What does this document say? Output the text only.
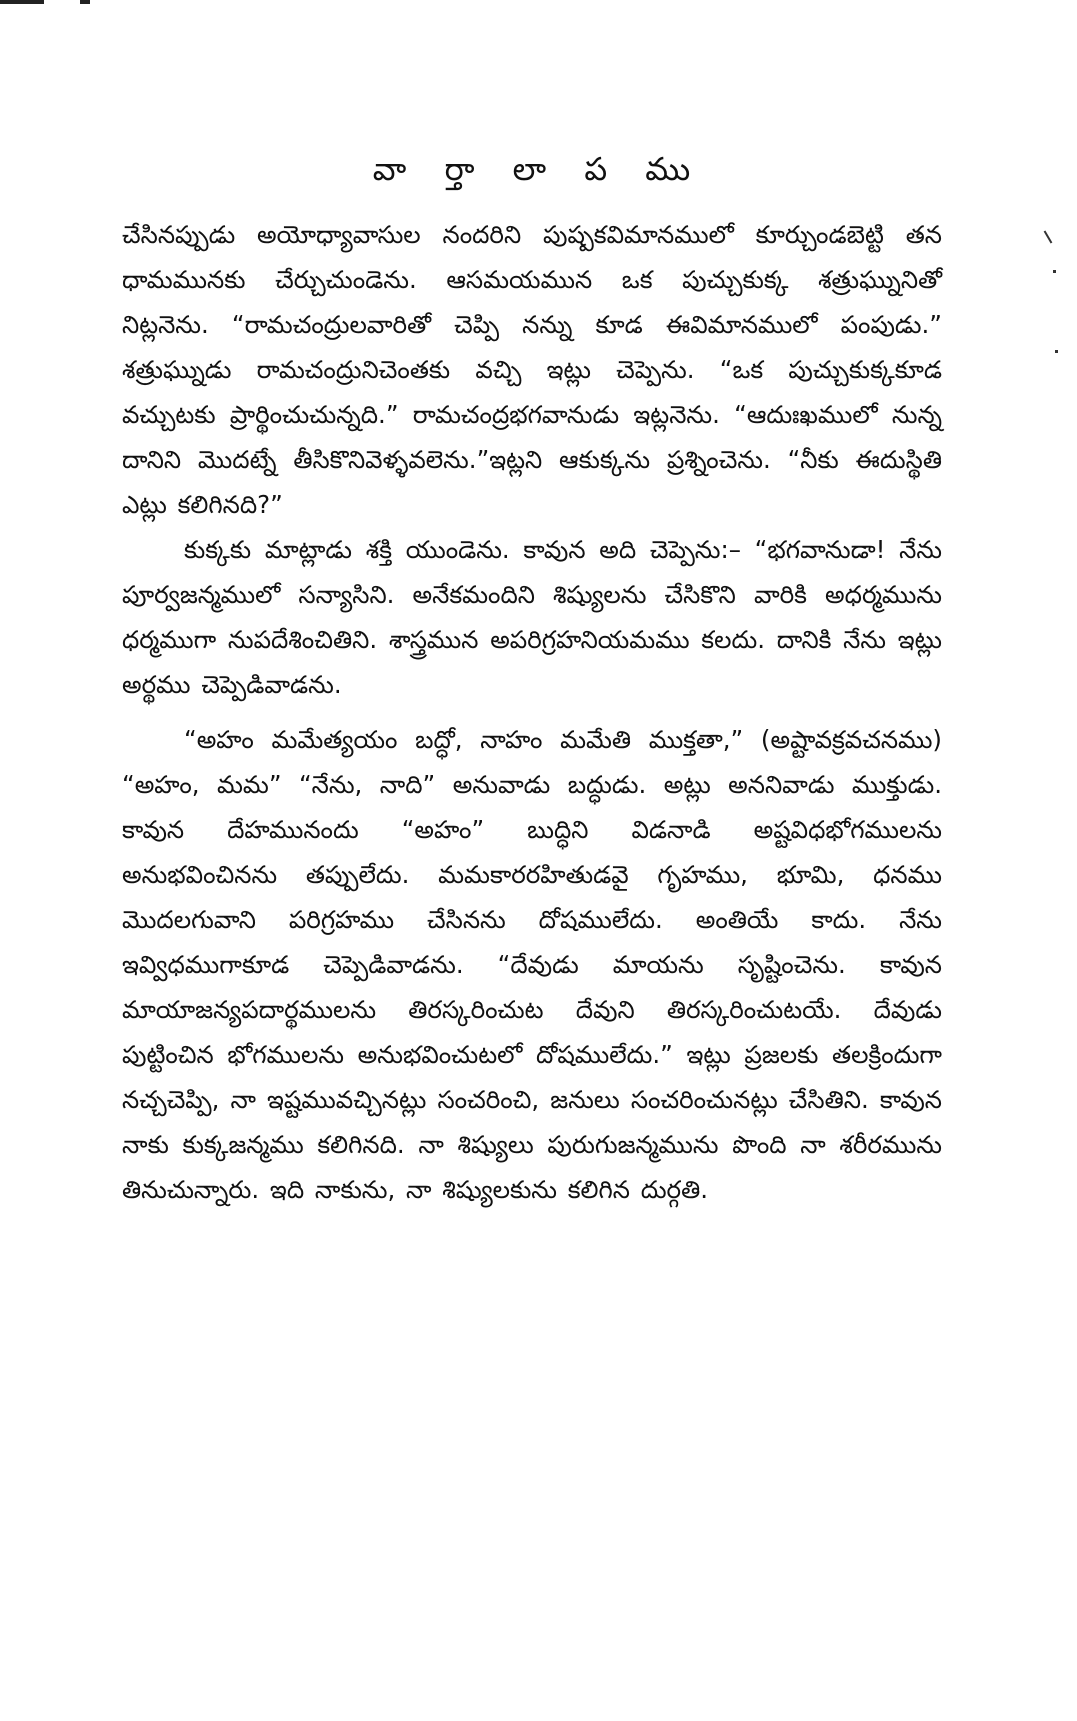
వా ర్తా లా ప ము

చేసినప్పుడు అయోధ్యావాసుల నందరిని పుష్పకవిమానములో కూర్చుండబెట్టి తన ధామమునకు చేర్చుచుండెను. ఆసమయమున ఒక పుచ్చుకుక్క శత్రుఘ్నునితో నిట్లనెను. “రామచంద్రులవారితో చెప్పి నన్ను కూడ ఈవిమానములో పంపుడు.” శత్రుఘ్నుడు రామచంద్రునిచెంతకు వచ్చి ఇట్లు చెప్పెను. “ఒక పుచ్చుకుక్కకూడ వచ్చుటకు ప్రార్థించుచున్నది.” రామచంద్రభగవానుడు ఇట్లనెను. “ఆదుఃఖములో నున్న దానిని మొదట్నే తీసికొనివెళ్ళవలెను.”ఇట్లని ఆకుక్కను ప్రశ్నించెను. “నీకు ఈదుస్థితి ఎట్లు కలిగినది?”

కుక్కకు మాట్లాడు శక్తి యుండెను. కావున అది చెప్పెను:– “భగవానుడా! నేను పూర్వజన్మములో సన్యాసిని. అనేకమందిని శిష్యులను చేసికొని వారికి అధర్మమును ధర్మముగా నుపదేశించితిని. శాస్త్రమున అపరిగ్రహనియమము కలదు. దానికి నేను ఇట్లు అర్థము చెప్పెడివాడను.

“అహం మమేత్యయం బద్ధో, నాహం మమేతి ముక్తతా,” (అష్టావక్రవచనము) “అహం, మమ” “నేను, నాది” అనువాడు బద్ధుడు. అట్లు అననివాడు ముక్తుడు. కావున దేహమునందు “అహం” బుద్ధిని విడనాడి అష్టవిధభోగములను అనుభవించినను తప్పులేదు. మమకారరహితుడవై గృహము, భూమి, ధనము మొదలగువాని పరిగ్రహము చేసినను దోషములేదు. అంతియే కాదు. నేను ఇవ్విధముగాకూడ చెప్పెడివాడను. “దేవుడు మాయను సృష్టించెను. కావున మాయాజన్యపదార్థములను తిరస్కరించుట దేవుని తిరస్కరించుటయే. దేవుడు పుట్టించిన భోగములను అనుభవించుటలో దోషములేదు.” ఇట్లు ప్రజలకు తలక్రిందుగా నచ్చచెప్పి, నా ఇష్టమువచ్చినట్లు సంచరించి, జనులు సంచరించునట్లు చేసితిని. కావున నాకు కుక్కజన్మము కలిగినది. నా శిష్యులు పురుగుజన్మమును పొంది నా శరీరమును తినుచున్నారు. ఇది నాకును, నా శిష్యులకును కలిగిన దుర్గతి.
